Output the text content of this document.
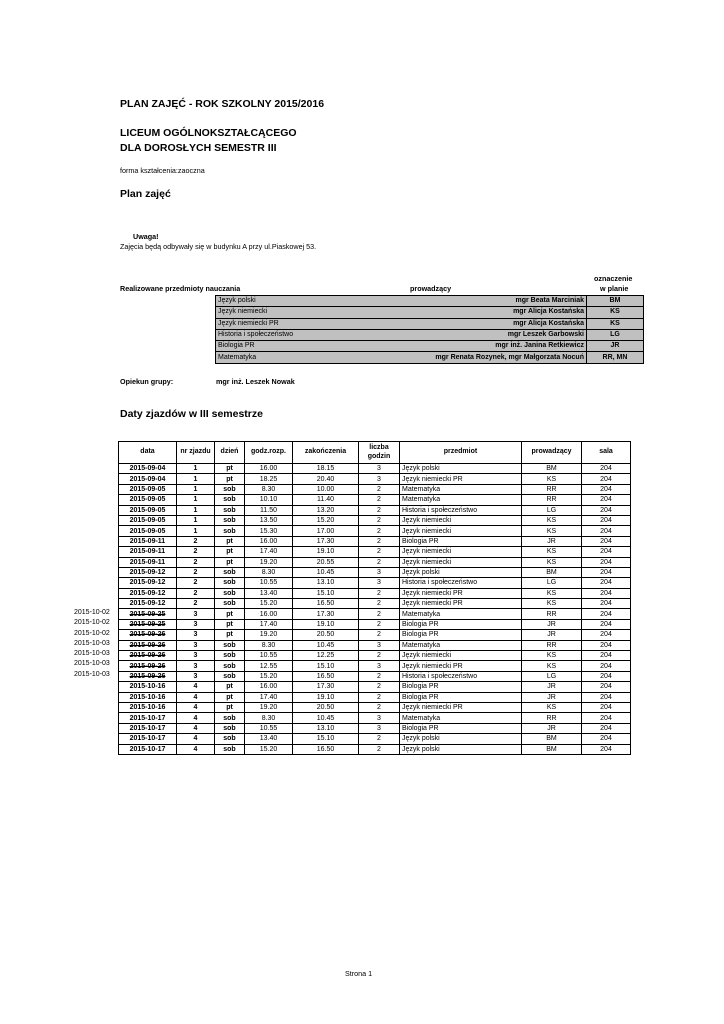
PLAN ZAJĘĆ - ROK SZKOLNY 2015/2016
LICEUM OGÓLNOKSZTAŁCĄCEGO
DLA DOROSŁYCH SEMESTR III
forma kształcenia:zaoczna
Plan zajęć
Uwaga!
Zajęcia będą odbywały się w budynku A przy ul.Piaskowej 53.
Realizowane przedmioty nauczania	prowadzący
oznaczenie
w planie
Język polski	mgr Beata Marciniak	BM
Język niemiecki	mgr Alicja Kostańska	KS
Język niemiecki PR	mgr Alicja Kostańska	KS
Historia i społeczeństwo	mgr Leszek Garbowski	LG
Biologia PR	mgr inż. Janina Retkiewicz	JR
Matematyka	mgr Renata Rozynek, mgr Małgorzata Nocuń	RR, MN
Opiekun grupy:	mgr inż. Leszek Nowak
Daty zjazdów w III semestrze
data	nr zjazdu	dzień	godz.rozp.	zakończenia	liczba godzin	przedmiot	prowadzący	sala
2015-09-04	1	pt	16.00	18.15	3	Język polski	BM	204
2015-09-04	1	pt	18.25	20.40	3	Język niemiecki PR	KS	204
2015-09-05	1	sob	8.30	10.00	2	Matematyka	RR	204
2015-09-05	1	sob	10.10	11.40	2	Matematyka	RR	204
2015-09-05	1	sob	11.50	13.20	2	Historia i społeczeństwo	LG	204
2015-09-05	1	sob	13.50	15.20	2	Język niemiecki	KS	204
2015-09-05	1	sob	15.30	17.00	2	Język niemiecki	KS	204
2015-09-11	2	pt	16.00	17.30	2	Biologia PR	JR	204
2015-09-11	2	pt	17.40	19.10	2	Język niemiecki	KS	204
2015-09-11	2	pt	19.20	20.55	2	Język niemiecki	KS	204
2015-09-12	2	sob	8.30	10.45	3	Język polski	BM	204
2015-09-12	2	sob	10.55	13.10	3	Historia i społeczeństwo	LG	204
2015-09-12	2	sob	13.40	15.10	2	Język niemiecki PR	KS	204
2015-09-12	2	sob	15.20	16.50	2	Język niemiecki PR	KS	204
2015-09-25	3	pt	16.00	17.30	2	Matematyka	RR	204
2015-09-25	3	pt	17.40	19.10	2	Biologia PR	JR	204
2015-09-26	3	pt	19.20	20.50	2	Biologia PR	JR	204
2015-09-26	3	sob	8.30	10.45	3	Matematyka	RR	204
2015-09-26	3	sob	10.55	12.25	2	Język niemiecki	KS	204
2015-09-26	3	sob	12.55	15.10	3	Język niemiecki PR	KS	204
2015-09-26	3	sob	15.20	16.50	2	Historia i społeczeństwo	LG	204
2015-10-16	4	pt	16.00	17.30	2	Biologia PR	JR	204
2015-10-16	4	pt	17.40	19.10	2	Biologia PR	JR	204
2015-10-16	4	pt	19.20	20.50	2	Język niemiecki PR	KS	204
2015-10-17	4	sob	8.30	10.45	3	Matematyka	RR	204
2015-10-17	4	sob	10.55	13.10	3	Biologia PR	JR	204
2015-10-17	4	sob	13.40	15.10	2	Język polski	BM	204
2015-10-17	4	sob	15.20	16.50	2	Język polski	BM	204
2015-10-02
2015-10-02
2015-10-02
2015-10-03
2015-10-03
2015-10-03
2015-10-03
Strona 1
